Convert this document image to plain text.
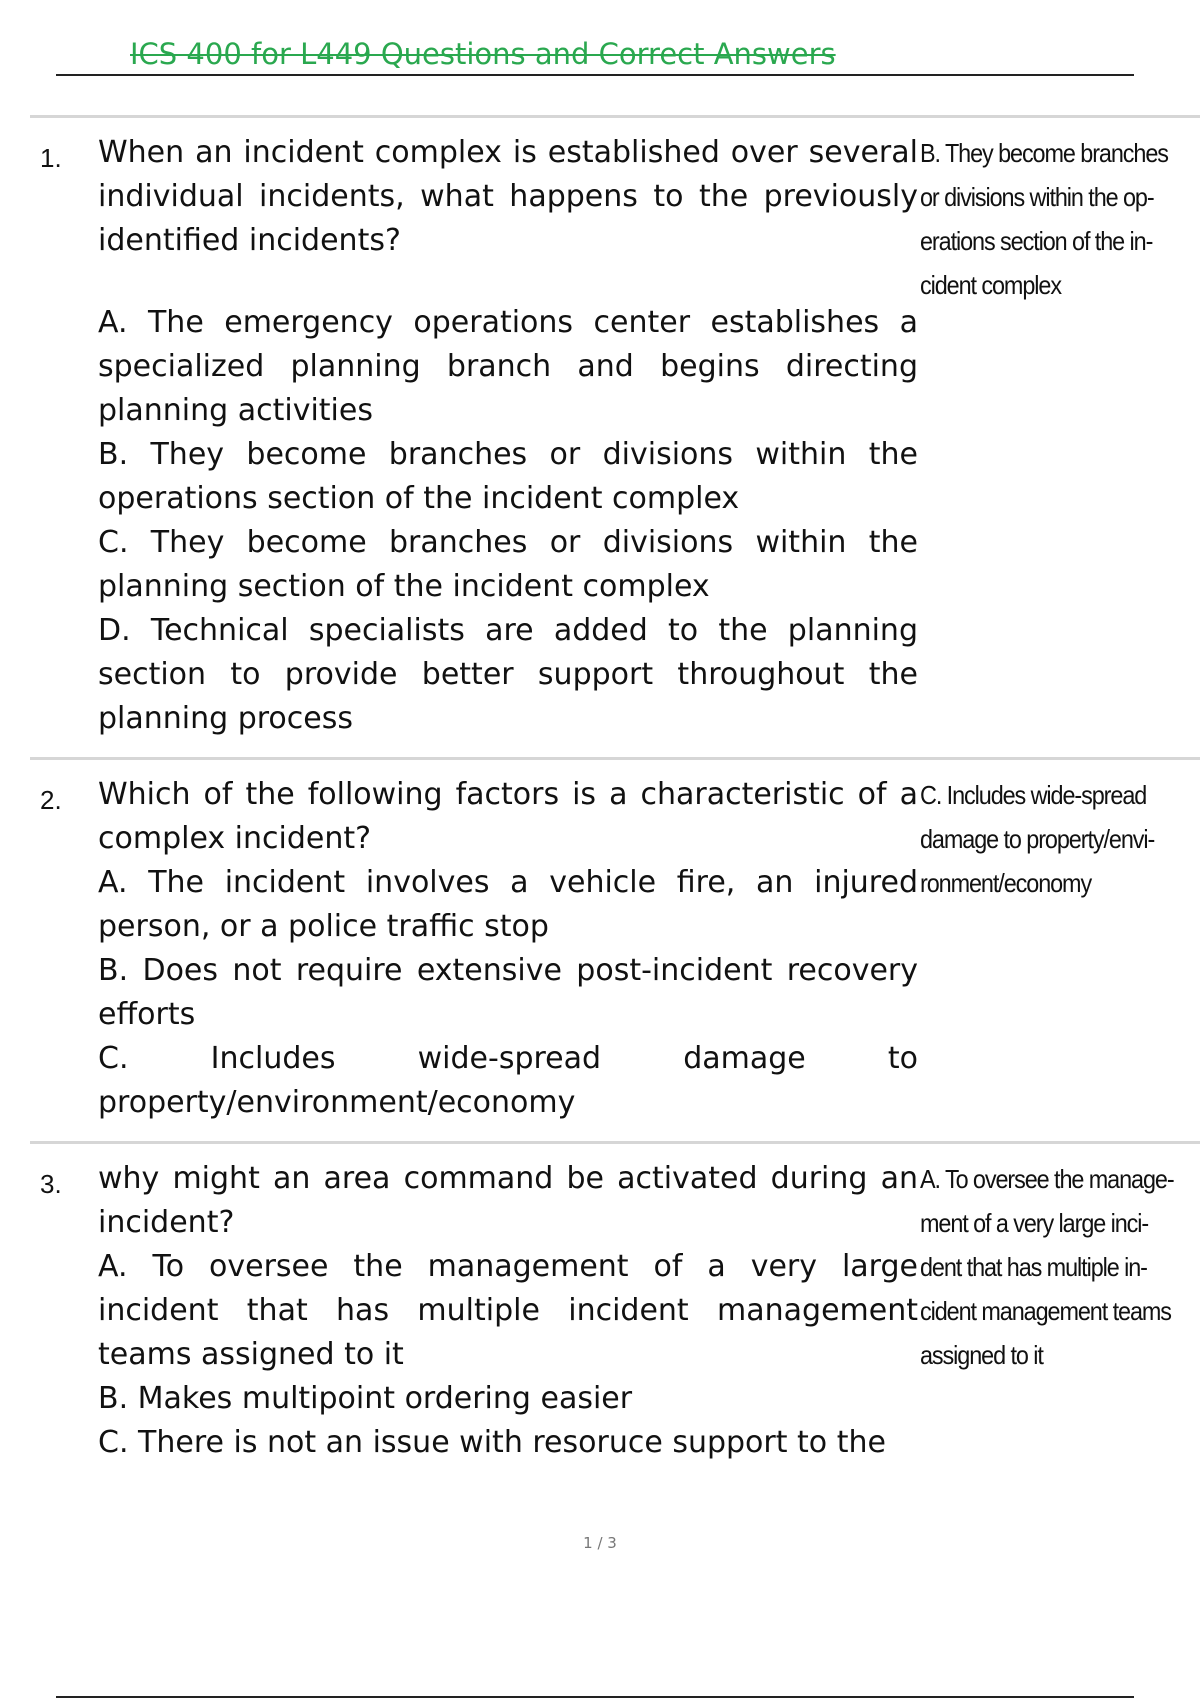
ICS 400 for L449 Questions and Correct Answers
1. When an incident complex is established over several individual incidents, what happens to the previously identified incidents?

A. The emergency operations center establishes a specialized planning branch and begins directing planning activities

B. They become branches or divisions within the operations section of the incident complex

C. They become branches or divisions within the planning section of the incident complex

D. Technical specialists are added to the planning section to provide better support throughout the planning process

B. They become branches
or divisions within the op-
erations section of the in-
cident complex
2. Which of the following factors is a characteristic of a complex incident?

A. The incident involves a vehicle fire, an injured person, or a police traffic stop

B. Does not require extensive post-incident recovery efforts

C. Includes wide-spread damage to property/environment/economy

C. Includes wide-spread
damage to property/envi-
ronment/economy
3. why might an area command be activated during an incident?

A. To oversee the management of a very large incident that has multiple incident management teams assigned to it

B. Makes multipoint ordering easier

C. There is not an issue with resoruce support to the

A. To oversee the manage-
ment of a very large inci-
dent that has multiple in-
cident management teams
assigned to it
1 / 3
